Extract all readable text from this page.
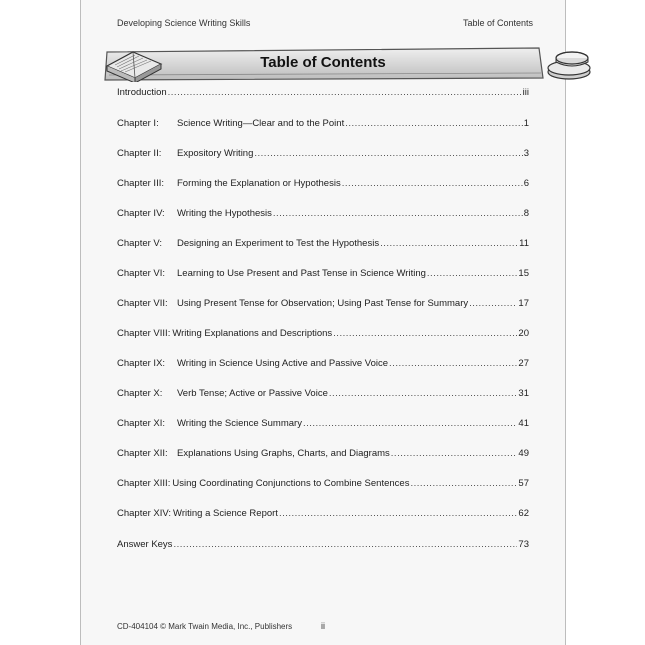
Developing Science Writing Skills	Table of Contents
Table of Contents
Introduction .....	iii
Chapter I:	Science Writing—Clear and to the Point .....	1
Chapter II:	Expository Writing .....	3
Chapter III:	Forming the Explanation or Hypothesis .....	6
Chapter IV:	Writing the Hypothesis .....	8
Chapter V:	Designing an Experiment to Test the Hypothesis .....	11
Chapter VI:	Learning to Use Present and Past Tense in Science Writing .....	15
Chapter VII: Using Present Tense for Observation; Using Past Tense for Summary .....	17
Chapter VIII: Writing Explanations and Descriptions .....	20
Chapter IX:	Writing in Science Using Active and Passive Voice .....	27
Chapter X:	Verb Tense; Active or Passive Voice .....	31
Chapter XI:	Writing the Science Summary .....	41
Chapter XII: Explanations Using Graphs, Charts, and Diagrams .....	49
Chapter XIII: Using Coordinating Conjunctions to Combine Sentences .....	57
Chapter XIV: Writing a Science Report .....	62
Answer Keys .....	73
CD-404104 © Mark Twain Media, Inc., Publishers	ii
